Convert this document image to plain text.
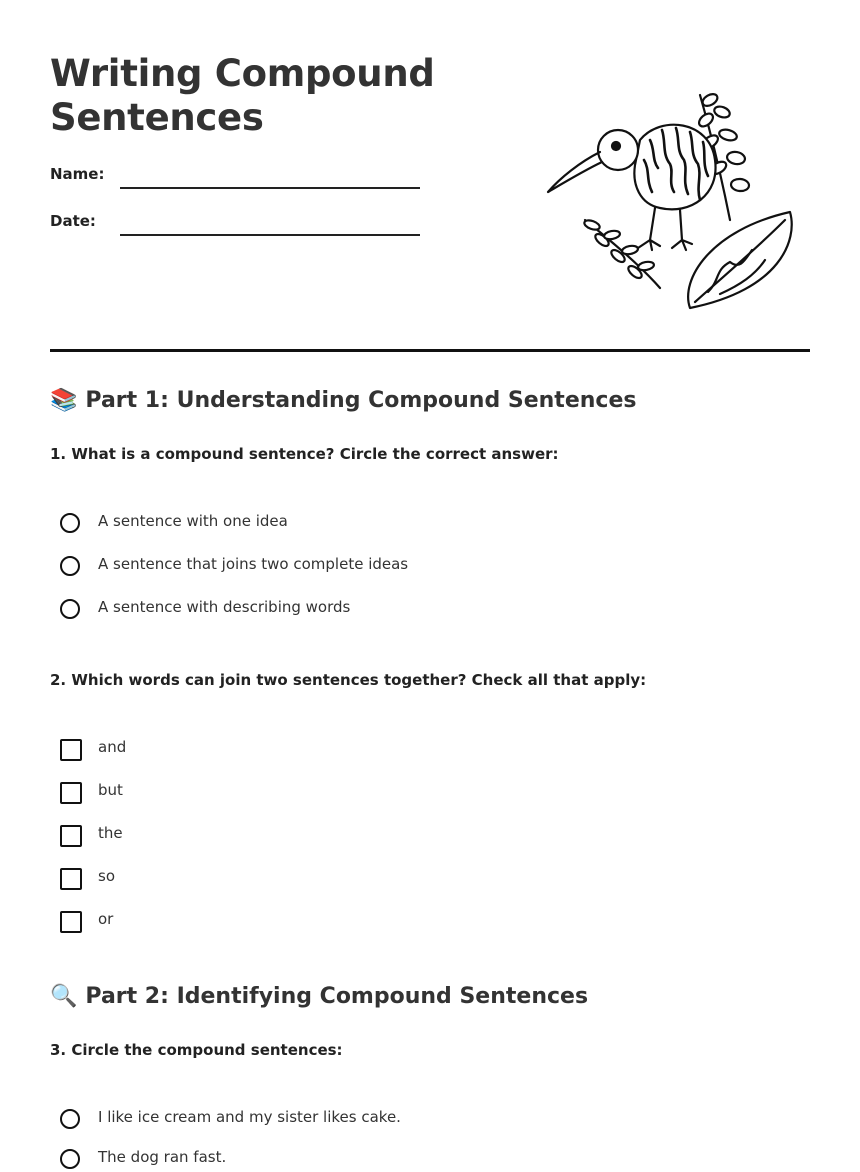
Writing Compound
Sentences
Name:
Date:
📚 Part 1: Understanding Compound Sentences

1. What is a compound sentence? Circle the correct answer:

A sentence with one idea
A sentence that joins two complete ideas
A sentence with describing words

2. Which words can join two sentences together? Check all that apply:

and
but
the
so
or
🔍 Part 2: Identifying Compound Sentences

3. Circle the compound sentences:

I like ice cream and my sister likes cake.
The dog ran fast.
